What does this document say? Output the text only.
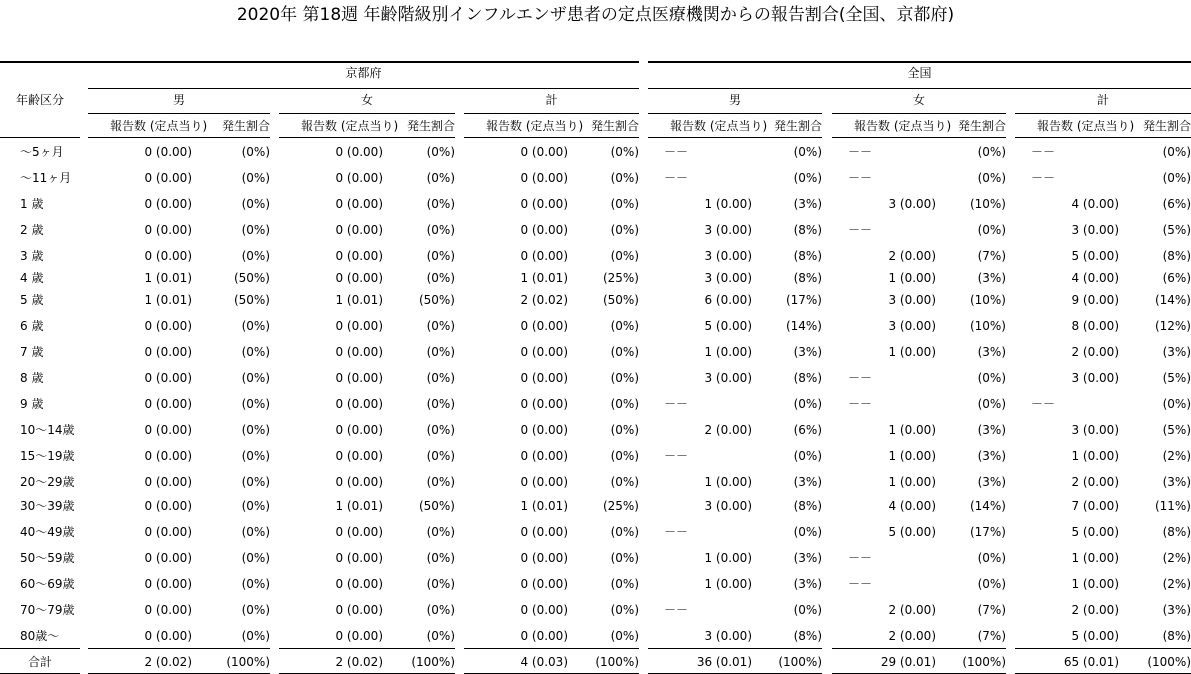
2020年 第18週 年齢階級別インフルエンザ患者の定点医療機関からの報告割合(全国、京都府)
年齢区分
京都府	全国
男
報告数 (定点当り)	発生割合
女
報告数 (定点当り) 発生割合
計
報告数 (定点当り) 発生割合
男
報告数 (定点当り) 発生割合
女
報告数 (定点当り) 発生割合
計
報告数 (定点当り) 発生割合
～5ヶ月	0 (0.00)	(0%)	0 (0.00)	(0%)	0 (0.00)	(0%) －－	(0%) －－	(0%) －－	(0%)
～11ヶ月	0 (0.00)	(0%)	0 (0.00)	(0%)	0 (0.00)	(0%) －－	(0%) －－	(0%) －－	(0%)
1 歳	0 (0.00)	(0%)	0 (0.00)	(0%)	0 (0.00)	(0%)	1 (0.00)	(3%)	3 (0.00)	(10%)	4 (0.00)	(6%)
2 歳	0 (0.00)	(0%)	0 (0.00)	(0%)	0 (0.00)	(0%)	3 (0.00)	(8%) －－	(0%)	3 (0.00)	(5%)
3 歳	0 (0.00)	(0%)	0 (0.00)	(0%)	0 (0.00)	(0%)	3 (0.00)	(8%)	2 (0.00)	(7%)	5 (0.00)	(8%)
4 歳	1 (0.01)	(50%)	0 (0.00)	(0%)	1 (0.01)	(25%)	3 (0.00)	(8%)	1 (0.00)	(3%)	4 (0.00)	(6%)
5 歳	1 (0.01)	(50%)	1 (0.01)	(50%)	2 (0.02)	(50%)	6 (0.00)	(17%)	3 (0.00)	(10%)	9 (0.00)	(14%)
6 歳	0 (0.00)	(0%)	0 (0.00)	(0%)	0 (0.00)	(0%)	5 (0.00)	(14%)	3 (0.00)	(10%)	8 (0.00)	(12%)
7 歳	0 (0.00)	(0%)	0 (0.00)	(0%)	0 (0.00)	(0%)	1 (0.00)	(3%)	1 (0.00)	(3%)	2 (0.00)	(3%)
8 歳	0 (0.00)	(0%)	0 (0.00)	(0%)	0 (0.00)	(0%)	3 (0.00)	(8%) －－	(0%)	3 (0.00)	(5%)
9 歳	0 (0.00)	(0%)	0 (0.00)	(0%)	0 (0.00)	(0%) －－	(0%) －－	(0%) －－	(0%)
10～14歳	0 (0.00)	(0%)	0 (0.00)	(0%)	0 (0.00)	(0%)	2 (0.00)	(6%)	1 (0.00)	(3%)	3 (0.00)	(5%)
15～19歳	0 (0.00)	(0%)	0 (0.00)	(0%)	0 (0.00)	(0%) －－	(0%)	1 (0.00)	(3%)	1 (0.00)	(2%)
20～29歳	0 (0.00)	(0%)	0 (0.00)	(0%)	0 (0.00)	(0%)	1 (0.00)	(3%)	1 (0.00)	(3%)	2 (0.00)	(3%)
30～39歳	0 (0.00)	(0%)	1 (0.01)	(50%)	1 (0.01)	(25%)	3 (0.00)	(8%)	4 (0.00)	(14%)	7 (0.00)	(11%)
40～49歳	0 (0.00)	(0%)	0 (0.00)	(0%)	0 (0.00)	(0%) －－	(0%)	5 (0.00)	(17%)	5 (0.00)	(8%)
50～59歳	0 (0.00)	(0%)	0 (0.00)	(0%)	0 (0.00)	(0%)	1 (0.00)	(3%) －－	(0%)	1 (0.00)	(2%)
60～69歳	0 (0.00)	(0%)	0 (0.00)	(0%)	0 (0.00)	(0%)	1 (0.00)	(3%) －－	(0%)	1 (0.00)	(2%)
70～79歳	0 (0.00)	(0%)	0 (0.00)	(0%)	0 (0.00)	(0%) －－	(0%)	2 (0.00)	(7%)	2 (0.00)	(3%)
80歳～	0 (0.00)	(0%)	0 (0.00)	(0%)	0 (0.00)	(0%)	3 (0.00)	(8%)	2 (0.00)	(7%)	5 (0.00)	(8%)
合計	2 (0.02)	(100%)	2 (0.02)	(100%)	4 (0.03)	(100%)	36 (0.01)	(100%)	29 (0.01)	(100%)	65 (0.01)	(100%)
